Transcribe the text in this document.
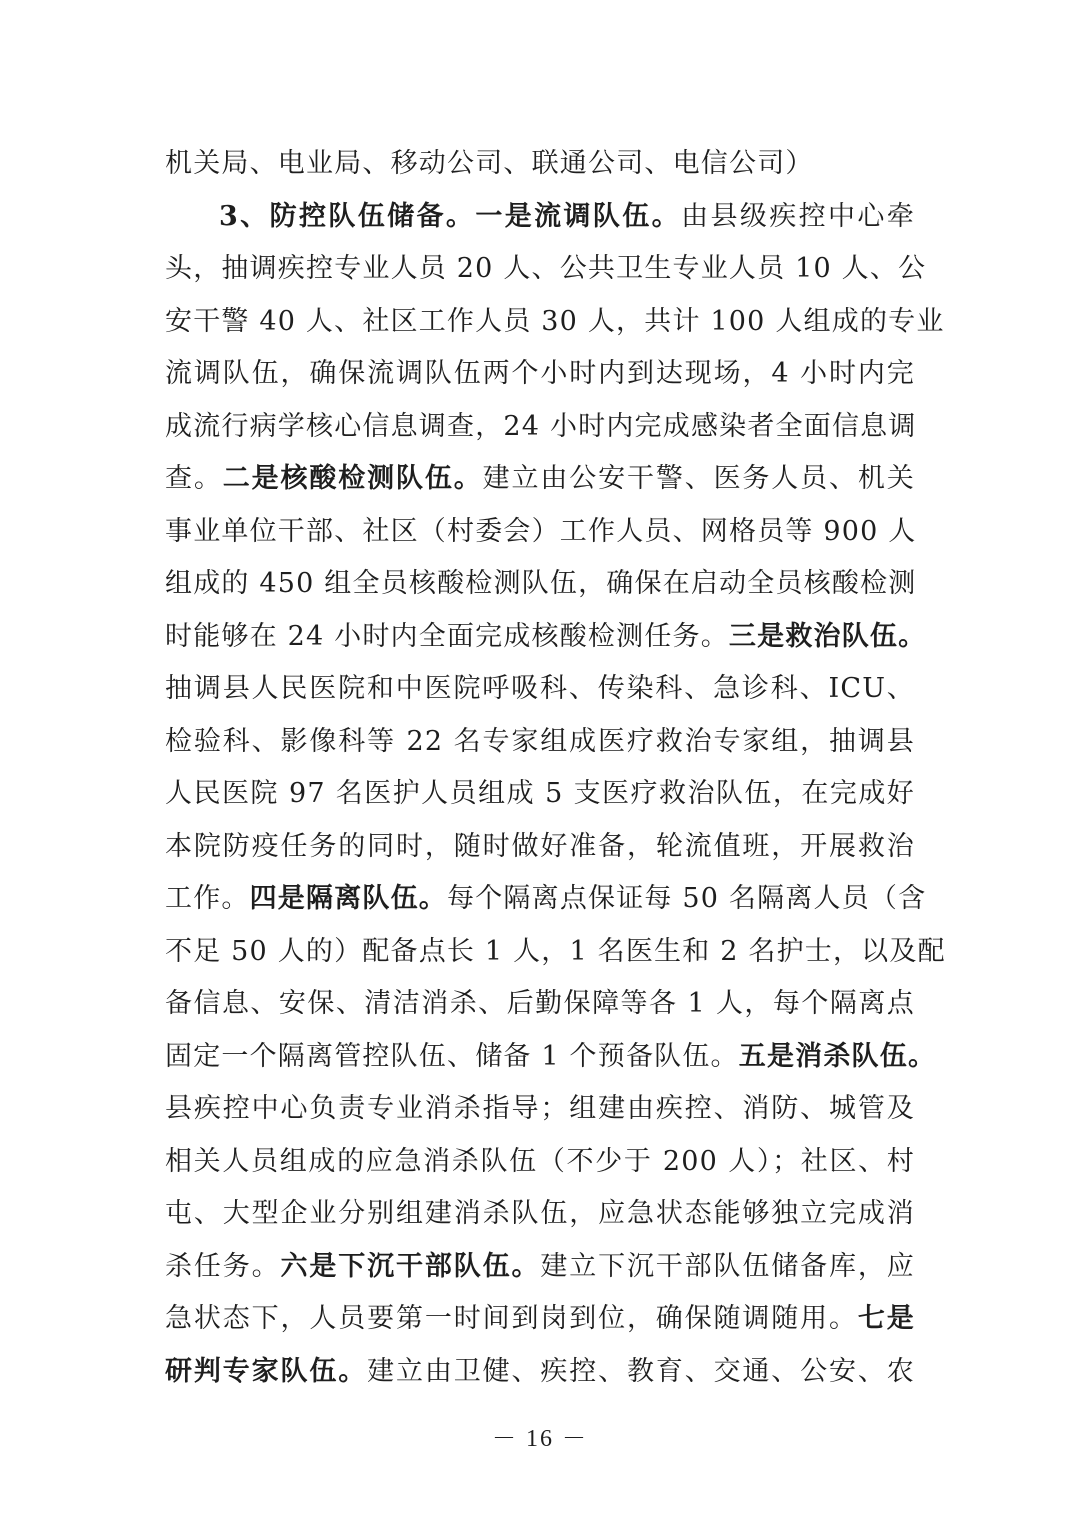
机关局、电业局、移动公司、联通公司、电信公司）
3、防控队伍储备。一是流调队伍。由县级疾控中心牵
头，抽调疾控专业人员 20 人、公共卫生专业人员 10 人、公
安干警 40 人、社区工作人员 30 人，共计 100 人组成的专业
流调队伍，确保流调队伍两个小时内到达现场，4 小时内完
成流行病学核心信息调查，24 小时内完成感染者全面信息调
查。二是核酸检测队伍。建立由公安干警、医务人员、机关
事业单位干部、社区（村委会）工作人员、网格员等 900 人
组成的 450 组全员核酸检测队伍，确保在启动全员核酸检测
时能够在 24 小时内全面完成核酸检测任务。三是救治队伍。
抽调县人民医院和中医院呼吸科、传染科、急诊科、ICU、
检验科、影像科等 22 名专家组成医疗救治专家组，抽调县
人民医院 97 名医护人员组成 5 支医疗救治队伍，在完成好
本院防疫任务的同时，随时做好准备，轮流值班，开展救治
工作。四是隔离队伍。每个隔离点保证每 50 名隔离人员（含
不足 50 人的）配备点长 1 人，1 名医生和 2 名护士，以及配
备信息、安保、清洁消杀、后勤保障等各 1 人，每个隔离点
固定一个隔离管控队伍、储备 1 个预备队伍。五是消杀队伍。
县疾控中心负责专业消杀指导；组建由疾控、消防、城管及
相关人员组成的应急消杀队伍（不少于 200 人）；社区、村
屯、大型企业分别组建消杀队伍，应急状态能够独立完成消
杀任务。六是下沉干部队伍。建立下沉干部队伍储备库，应
急状态下，人员要第一时间到岗到位，确保随调随用。七是
研判专家队伍。建立由卫健、疾控、教育、交通、公安、农
－ 16 －
